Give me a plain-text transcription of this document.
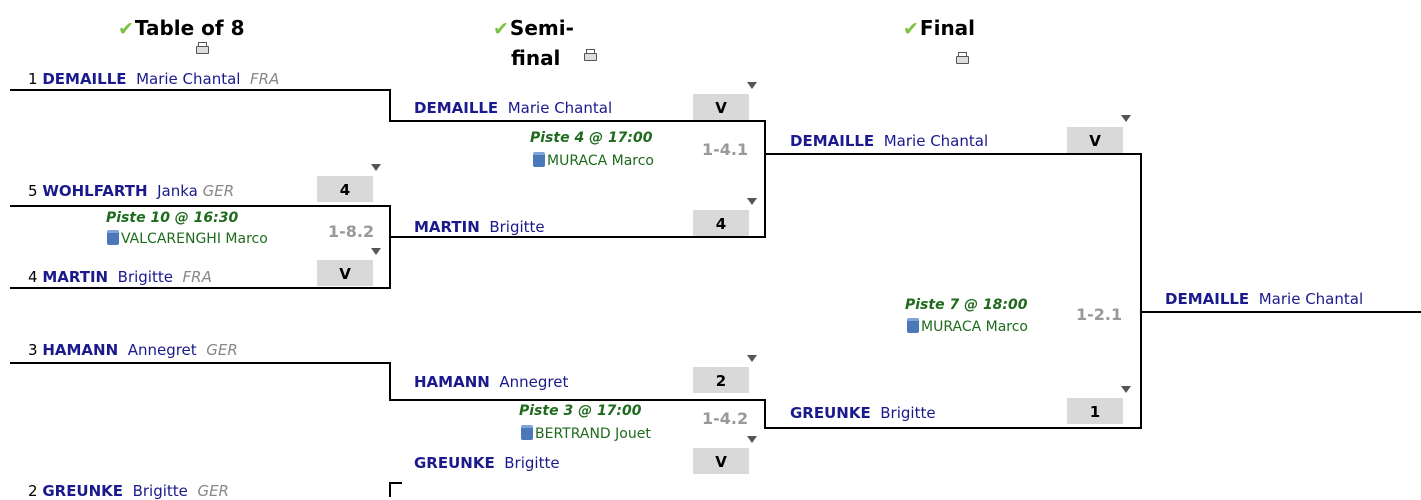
✔Table of 8	✔Semi-
final
✔Final
1 DEMAILLE Marie Chantal FRA
5 WOHLFARTH Janka GER	4
Piste 10 @ 16:30
VALCARENGHI Marco	1-8.2
4 MARTIN Brigitte FRA	V
3 HAMANN Annegret GER
2 GREUNKE Brigitte GER
DEMAILLE Marie Chantal	V
Piste 4 @ 17:00
MURACA Marco
1-4.1
MARTIN Brigitte	4
HAMANN Annegret	2
Piste 3 @ 17:00
BERTRAND Jouet
1-4.2
GREUNKE Brigitte	V
DEMAILLE Marie Chantal	V
Piste 7 @ 18:00
MURACA Marco
1-2.1
GREUNKE Brigitte	1
DEMAILLE Marie Chantal
